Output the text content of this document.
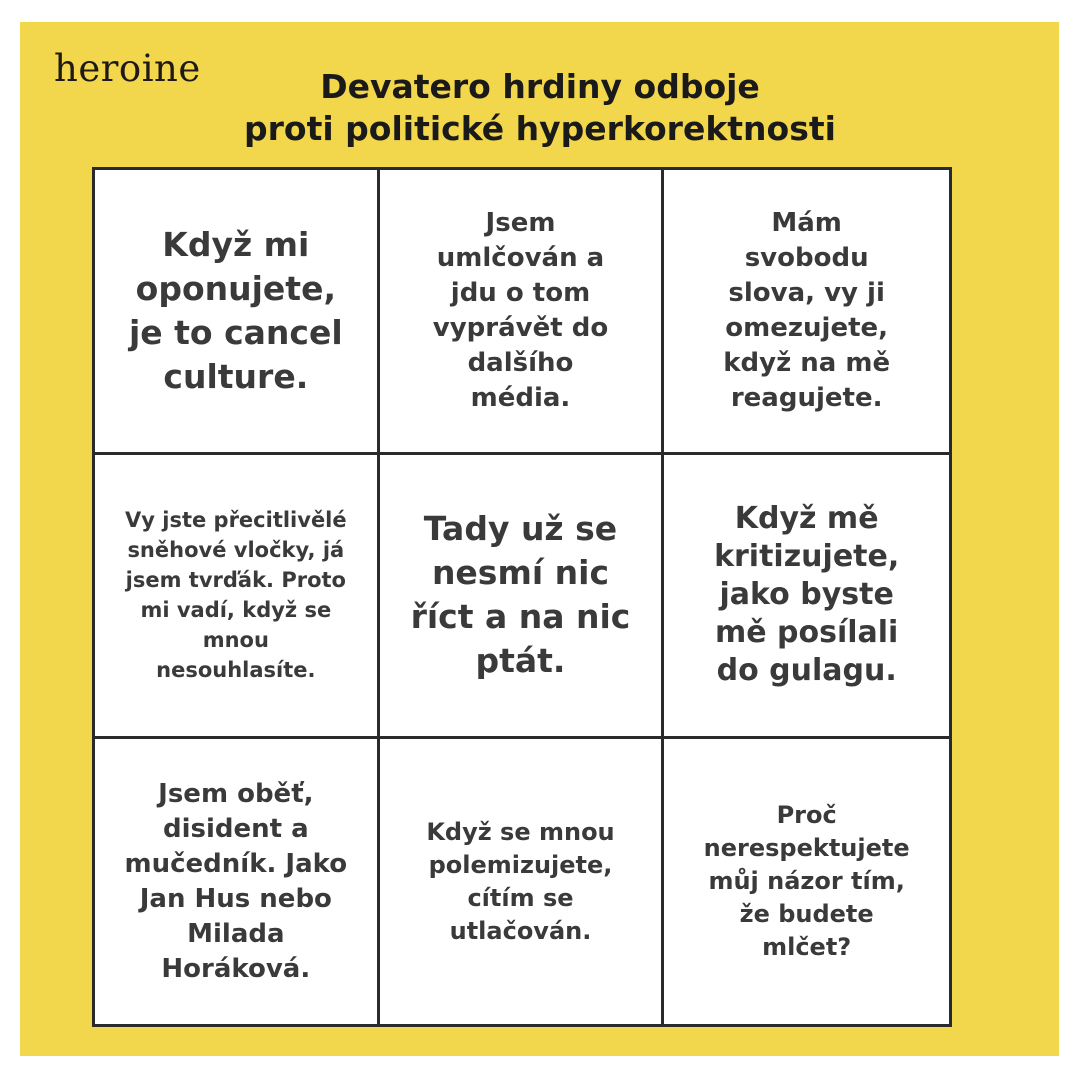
heroine	Devatero hrdiny odboje
proti politické hyperkorektnosti
Když mi oponujete, je to cancel culture.
Jsem umlčován a jdu o tom vyprávět do dalšího média.
Mám svobodu slova, vy ji omezujete, když na mě reagujete.
Vy jste přecitlivělé sněhové vločky, já jsem tvrďák. Proto mi vadí, když se mnou nesouhlasíte.
Tady už se nesmí nic říct a na nic ptát.
Když mě kritizujete, jako byste mě posílali do gulagu.
Jsem oběť, disident a mučedník. Jako Jan Hus nebo Milada Horáková.
Když se mnou polemizujete, cítím se utlačován.
Proč nerespektujete můj názor tím, že budete mlčet?
